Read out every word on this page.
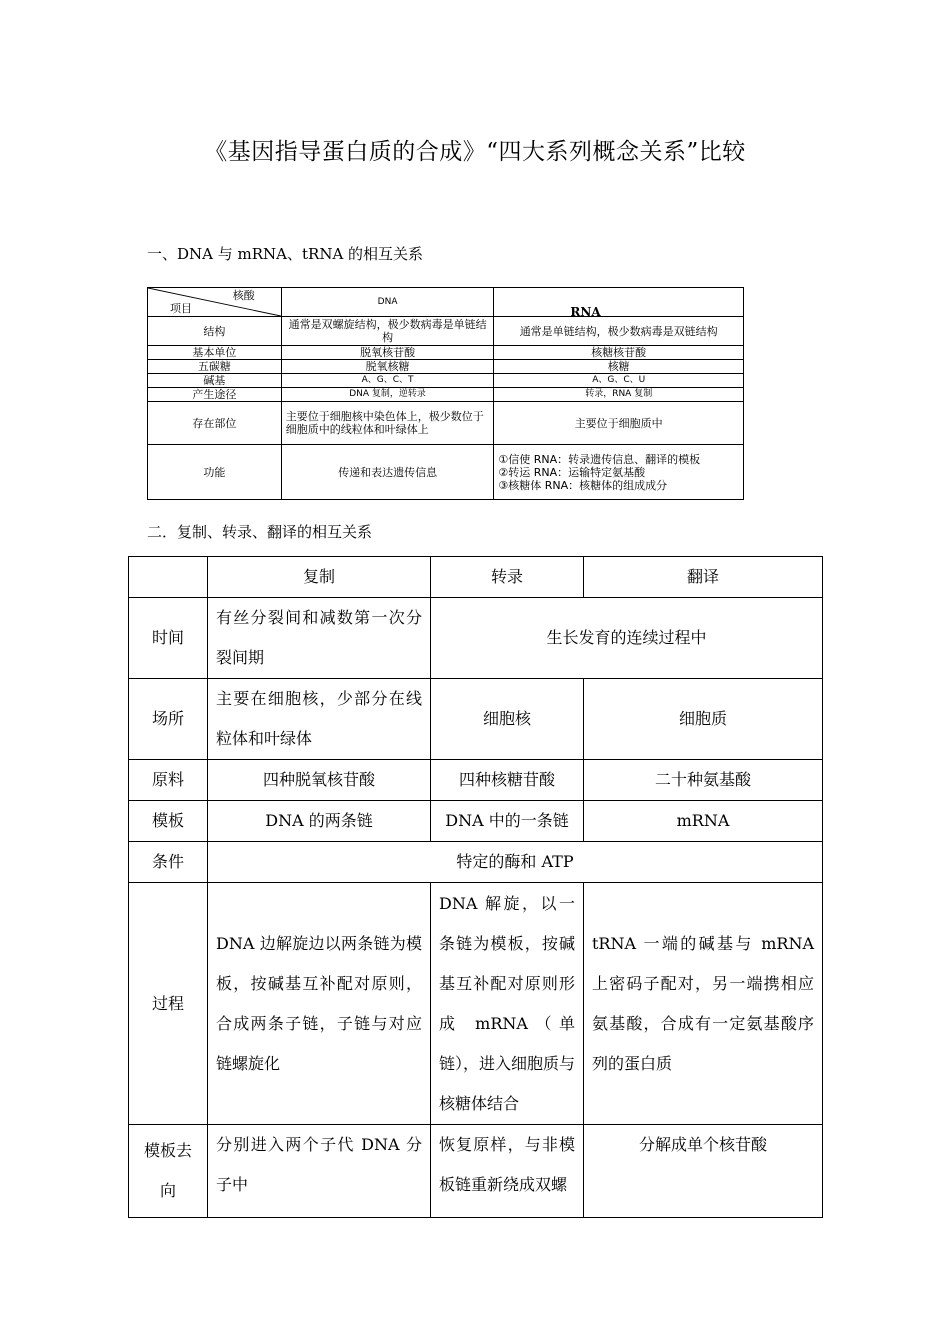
《基因指导蛋白质的合成》“四大系列概念关系”比较
一、DNA 与 mRNA、tRNA 的相互关系
核酸
项目	DNA	RNA

结构	通常是双螺旋结构，极少数病毒是单链结构	通常是单链结构，极少数病毒是双链结构
基本单位	脱氧核苷酸	核糖核苷酸
五碳糖	脱氧核糖	核糖
碱基	A、G、C、T	A、G、C、U
产生途径	DNA 复制，逆转录	转录，RNA 复制
存在部位	主要位于细胞核中染色体上，极少数位于细胞质中的线粒体和叶绿体上	主要位于细胞质中
功能	传递和表达遗传信息	①信使 RNA：转录遗传信息、翻译的模板
②转运 RNA：运输特定氨基酸
③核糖体 RNA：核糖体的组成成分
二．复制、转录、翻译的相互关系
	复制	转录	翻译
时间	有丝分裂间和减数第一次分裂间期	生长发育的连续过程中	
场所	主要在细胞核，少部分在线粒体和叶绿体	细胞核	细胞质
原料	四种脱氧核苷酸	四种核糖苷酸	二十种氨基酸
模板	DNA 的两条链	DNA 中的一条链	mRNA
条件	特定的酶和 ATP		
过程	DNA 边解旋边以两条链为模板，按碱基互补配对原则，合成两条子链，子链与对应链螺旋化	DNA 解旋，以一条链为模板，按碱基互补配对原则形成 mRNA（单链），进入细胞质与核糖体结合	tRNA 一端的碱基与 mRNA 上密码子配对，另一端携相应氨基酸，合成有一定氨基酸序列的蛋白质
模板去向	分别进入两个子代 DNA 分子中	恢复原样，与非模板链重新绕成双螺	分解成单个核苷酸
